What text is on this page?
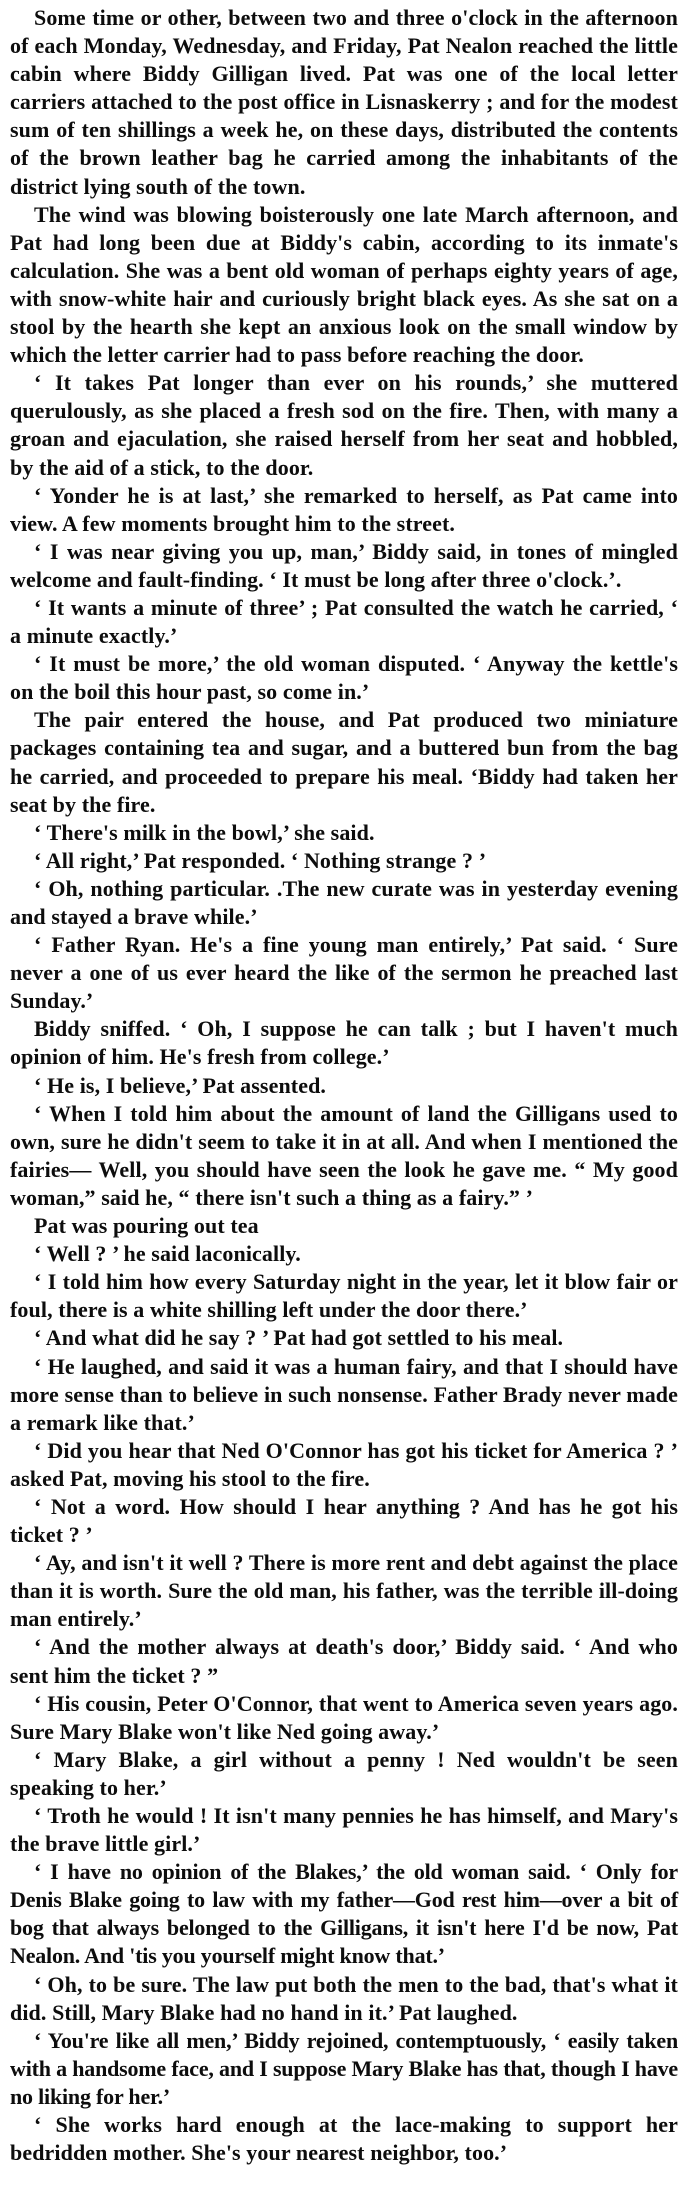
Some time or other, between two and three o'clock in the afternoon of each Monday, Wednesday, and Friday, Pat Nealon reached the little cabin where Biddy Gilligan lived. Pat was one of the local letter carriers attached to the post office in Lisnaskerry ; and for the modest sum of ten shillings a week he, on these days, distributed the contents of the brown leather bag he carried among the inhabitants of the district lying south of the town.

The wind was blowing boisterously one late March afternoon, and Pat had long been due at Biddy's cabin, according to its inmate's calculation. She was a bent old woman of perhaps eighty years of age, with snow-white hair and curiously bright black eyes. As she sat on a stool by the hearth she kept an anxious look on the small window by which the letter carrier had to pass before reaching the door.

‘ It takes Pat longer than ever on his rounds,’ she muttered querulously, as she placed a fresh sod on the fire. Then, with many a groan and ejaculation, she raised herself from her seat and hobbled, by the aid of a stick, to the door.

‘ Yonder he is at last,’ she remarked to herself, as Pat came into view. A few moments brought him to the street.

‘ I was near giving you up, man,’ Biddy said, in tones of mingled welcome and fault-finding. ‘ It must be long after three o'clock.’.

‘ It wants a minute of three’ ; Pat consulted the watch he carried, ‘ a minute exactly.’

‘ It must be more,’ the old woman disputed. ‘ Anyway the kettle's on the boil this hour past, so come in.’

The pair entered the house, and Pat produced two miniature packages containing tea and sugar, and a buttered bun from the bag he carried, and proceeded to prepare his meal. ‘Biddy had taken her seat by the fire.

‘ There's milk in the bowl,’ she said.

‘ All right,’ Pat responded. ‘ Nothing strange ? ’

‘ Oh, nothing particular. .The new curate was in yesterday evening and stayed a brave while.’

‘ Father Ryan. He's a fine young man entirely,’ Pat said. ‘ Sure never a one of us ever heard the like of the sermon he preached last Sunday.’

Biddy sniffed. ‘ Oh, I suppose he can talk ; but I haven't much opinion of him. He's fresh from college.’

‘ He is, I believe,’ Pat assented.

‘ When I told him about the amount of land the Gilligans used to own, sure he didn't seem to take it in at all. And when I mentioned the fairies— Well, you should have seen the look he gave me. “ My good woman,” said he, “ there isn't such a thing as a fairy.” ’

Pat was pouring out tea

‘ Well ? ’ he said laconically.

‘ I told him how every Saturday night in the year, let it blow fair or foul, there is a white shilling left under the door there.’

‘ And what did he say ? ’ Pat had got settled to his meal.

‘ He laughed, and said it was a human fairy, and that I should have more sense than to believe in such nonsense. Father Brady never made a remark like that.’

‘ Did you hear that Ned O'Connor has got his ticket for America ? ’ asked Pat, moving his stool to the fire.

‘ Not a word. How should I hear anything ? And has he got his ticket ? ’

‘ Ay, and isn't it well ? There is more rent and debt against the place than it is worth. Sure the old man, his father, was the terrible ill-doing man entirely.’

‘ And the mother always at death's door,’ Biddy said. ‘ And who sent him the ticket ? ”

‘ His cousin, Peter O'Connor, that went to America seven years ago. Sure Mary Blake won't like Ned going away.’

‘ Mary Blake, a girl without a penny ! Ned wouldn't be seen speaking to her.’

‘ Troth he would ! It isn't many pennies he has himself, and Mary's the brave little girl.’

‘ I have no opinion of the Blakes,’ the old woman said. ‘ Only for Denis Blake going to law with my father—God rest him—over a bit of bog that always belonged to the Gilligans, it isn't here I'd be now, Pat Nealon. And 'tis you yourself might know that.’

‘ Oh, to be sure. The law put both the men to the bad, that's what it did. Still, Mary Blake had no hand in it.’ Pat laughed.

‘ You're like all men,’ Biddy rejoined, contemptuously, ‘ easily taken with a handsome face, and I suppose Mary Blake has that, though I have no liking for her.’

‘ She works hard enough at the lace-making to support her bedridden mother. She's your nearest neighbor, too.’
